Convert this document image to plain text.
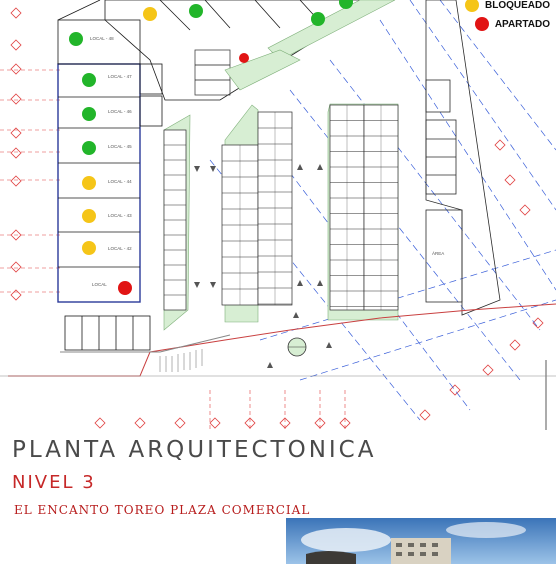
LOCAL - 48
LOCAL - 47
LOCAL - 46
LOCAL - 45
LOCAL - 44
LOCAL - 43
LOCAL - 42
LOCAL
ÁREA
BLOQUEADO
APARTADO
PLANTA ARQUITECTONICA
NIVEL 3
EL ENCANTO TOREO PLAZA COMERCIAL
